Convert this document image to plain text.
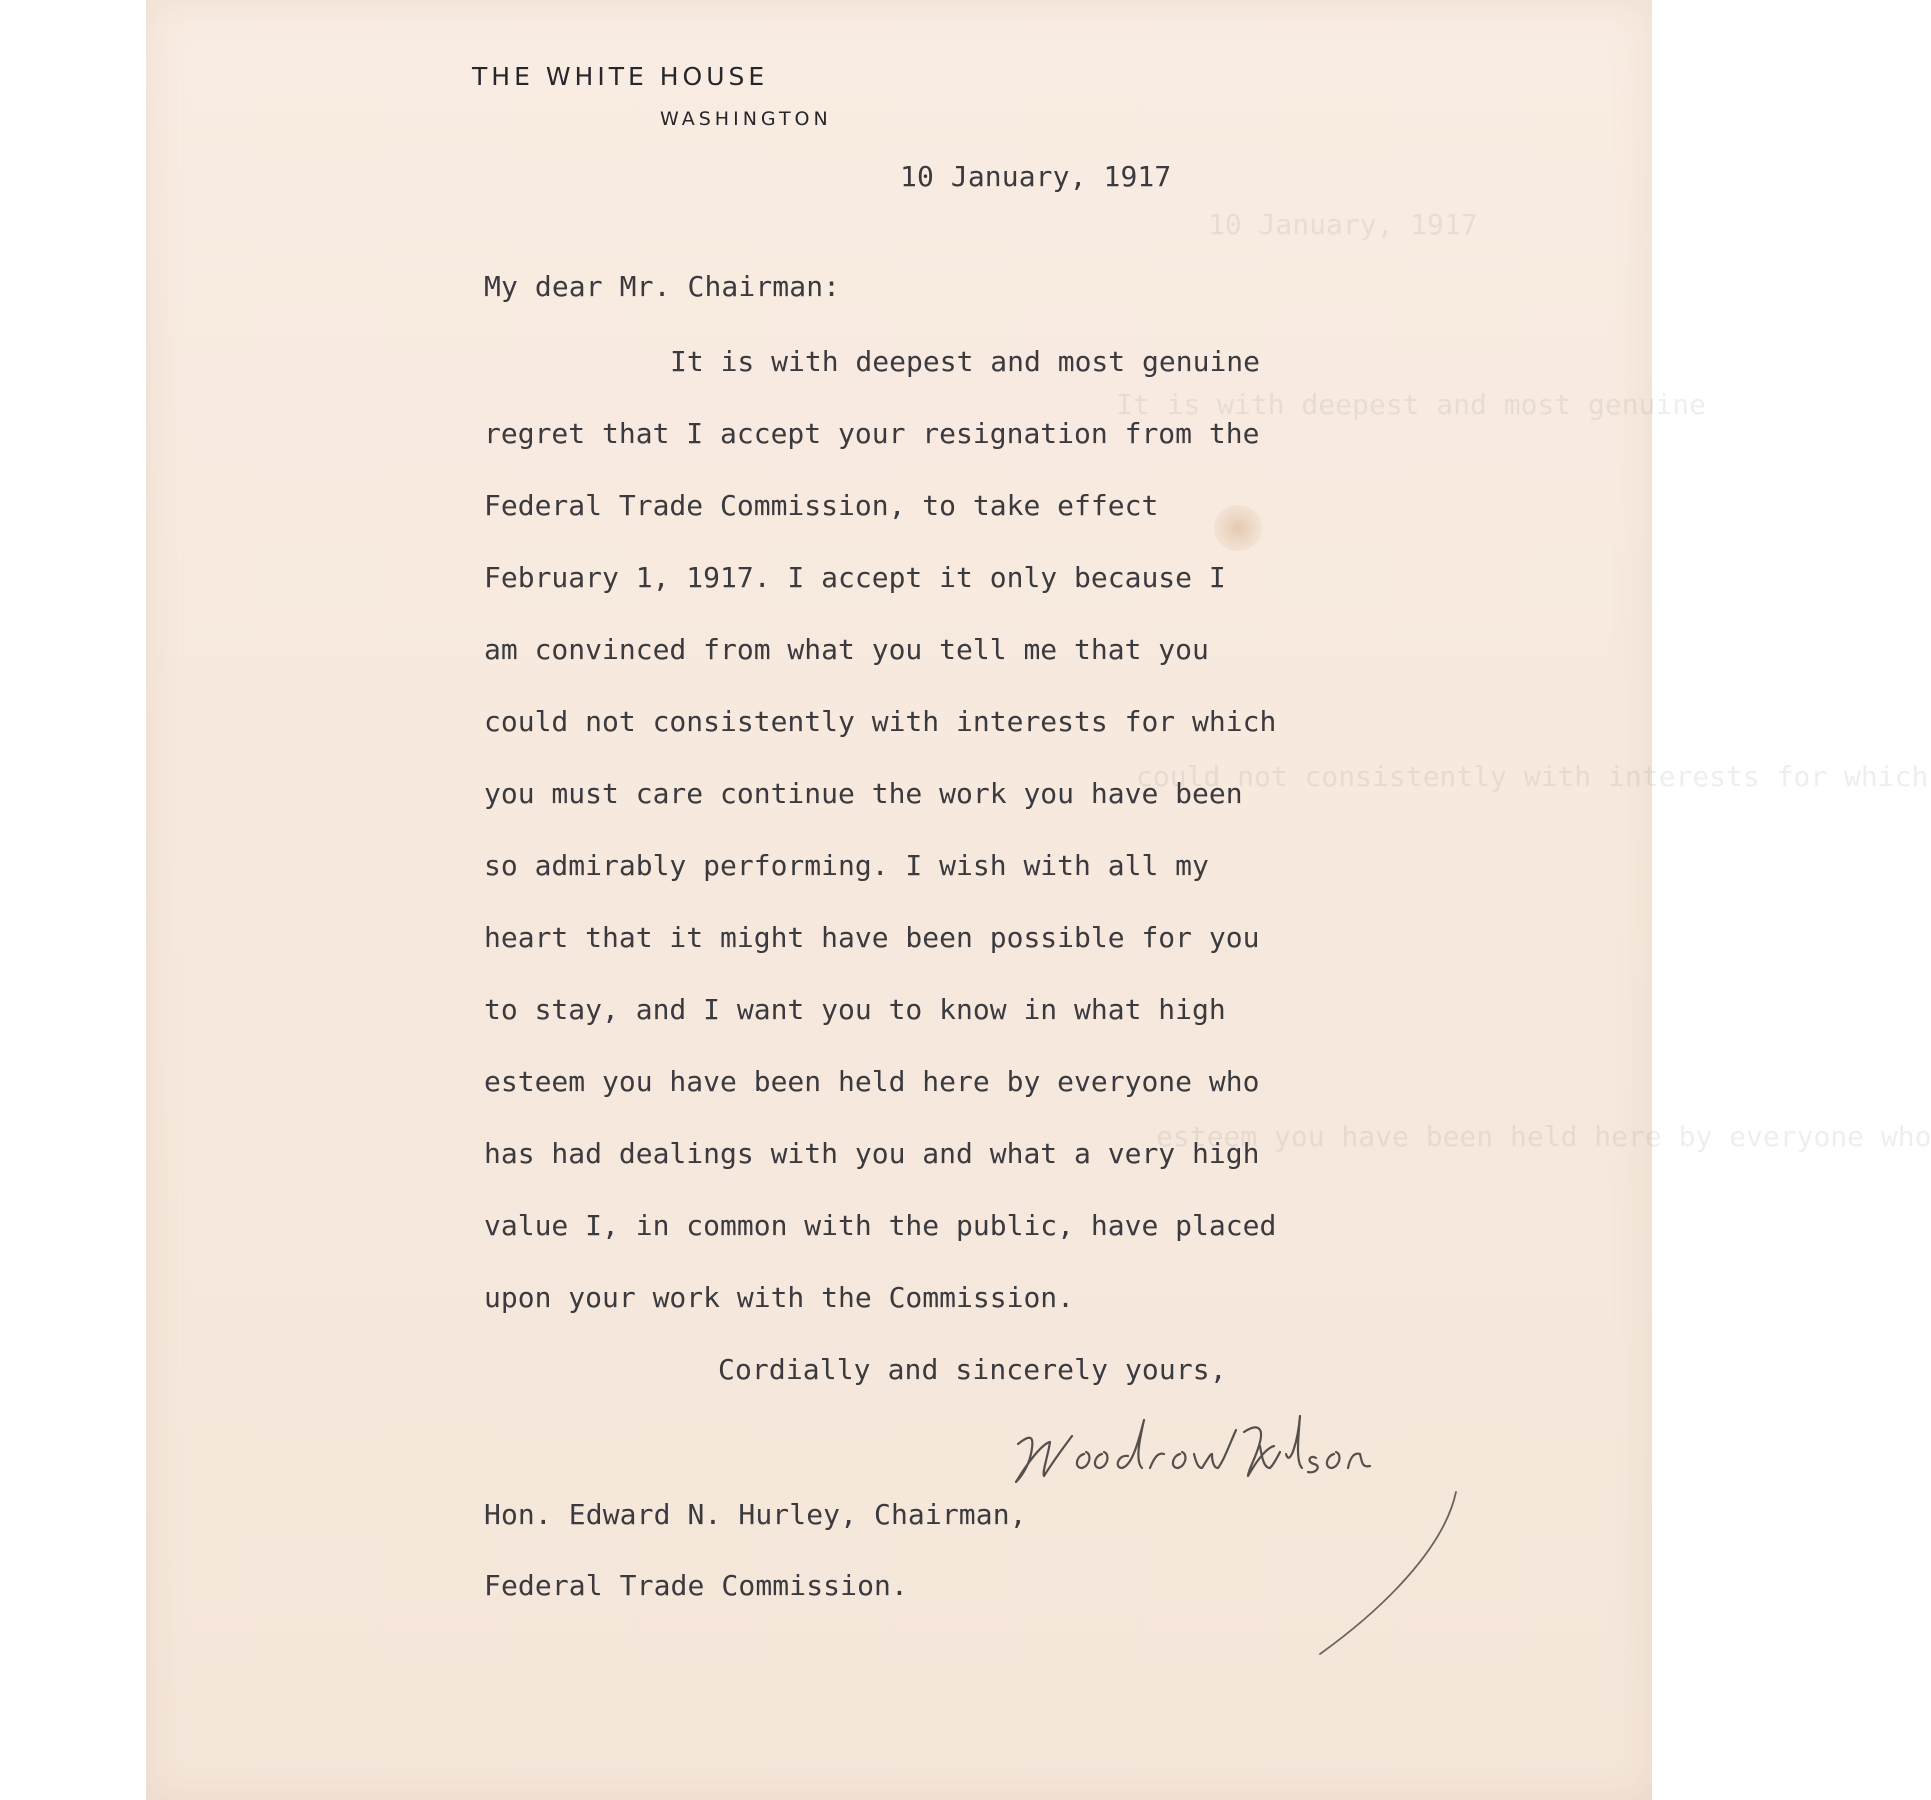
10 January, 1917
It is with deepest and most genuine
could not consistently with interests for which
esteem you have been held here by everyone who
THE WHITE HOUSE
WASHINGTON
10 January, 1917
My dear Mr. Chairman:
It is with deepest and most genuine
regret that I accept your resignation from the
Federal Trade Commission, to take effect
February 1, 1917. I accept it only because I
am convinced from what you tell me that you
could not consistently with interests for which
you must care continue the work you have been
so admirably performing. I wish with all my
heart that it might have been possible for you
to stay, and I want you to know in what high
esteem you have been held here by everyone who
has had dealings with you and what a very high
value I, in common with the public, have placed
upon your work with the Commission.
Cordially and sincerely yours,
Hon. Edward N. Hurley, Chairman,
Federal Trade Commission.
